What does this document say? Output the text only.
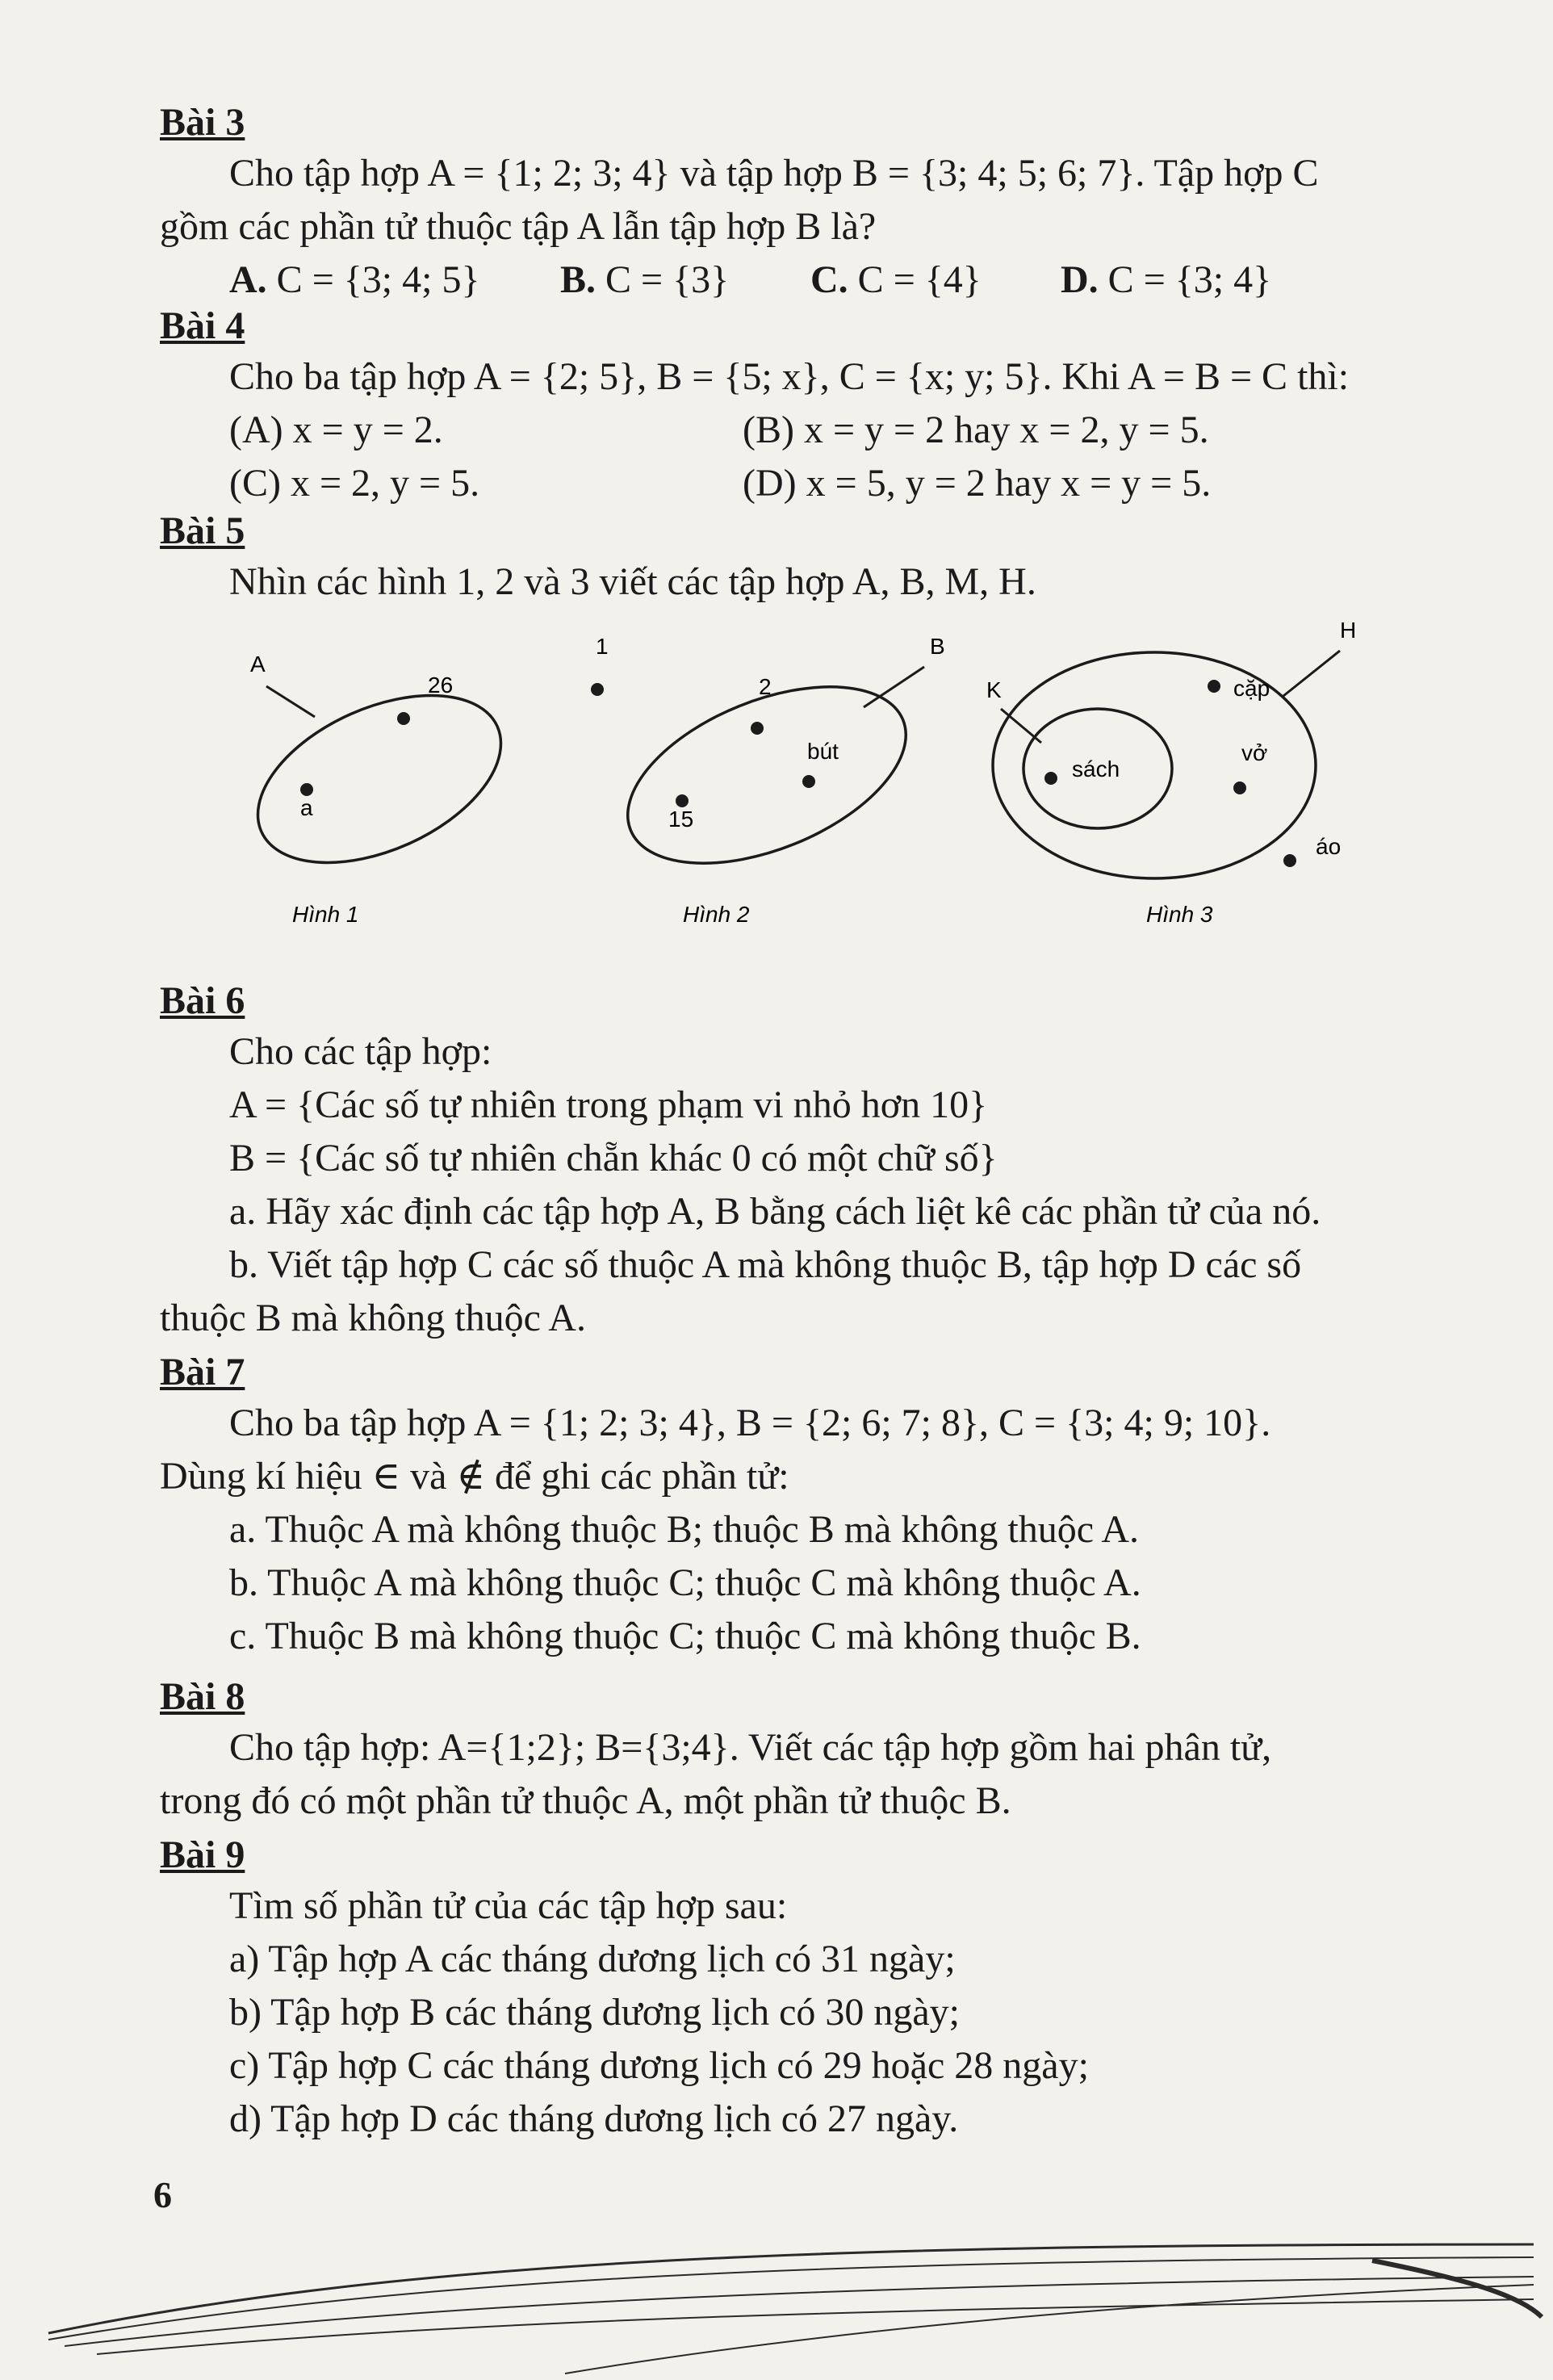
Bài 3

Cho tập hợp A = {1; 2; 3; 4} và tập hợp B = {3; 4; 5; 6; 7}. Tập hợp C

gồm các phần tử thuộc tập A lẫn tập hợp B là?

A. C = {3; 4; 5}	B. C = {3}	C. C = {4}	D. C = {3; 4}
Bài 4

Cho ba tập hợp A = {2; 5}, B = {5; x}, C = {x; y; 5}. Khi A = B = C thì:

(A) x = y = 2.	(B) x = y = 2 hay x = 2, y = 5.
(C) x = 2, y = 5.	(D) x = 5, y = 2 hay x = y = 5.
Bài 5

Nhìn các hình 1, 2 và 3 viết các tập hợp A, B, M, H.

A
26
a
Hình 1
1	B
2
bút
15
Hình 2
H
K
sách
cặp
vở
áo
Hình 3
Bài 6

Cho các tập hợp:

A = {Các số tự nhiên trong phạm vi nhỏ hơn 10}

B = {Các số tự nhiên chẵn khác 0 có một chữ số}

a. Hãy xác định các tập hợp A, B bằng cách liệt kê các phần tử của nó.

b. Viết tập hợp C các số thuộc A mà không thuộc B, tập hợp D các số

thuộc B mà không thuộc A.

Bài 7

Cho ba tập hợp A = {1; 2; 3; 4}, B = {2; 6; 7; 8}, C = {3; 4; 9; 10}.

Dùng kí hiệu ∈ và ∉ để ghi các phần tử:

a. Thuộc A mà không thuộc B; thuộc B mà không thuộc A.

b. Thuộc A mà không thuộc C; thuộc C mà không thuộc A.

c. Thuộc B mà không thuộc C; thuộc C mà không thuộc B.

Bài 8

Cho tập hợp: A={1;2}; B={3;4}. Viết các tập hợp gồm hai phân tử,

trong đó có một phần tử thuộc A, một phần tử thuộc B.

Bài 9

Tìm số phần tử của các tập hợp sau:

a) Tập hợp A các tháng dương lịch có 31 ngày;

b) Tập hợp B các tháng dương lịch có 30 ngày;

c) Tập hợp C các tháng dương lịch có 29 hoặc 28 ngày;

d) Tập hợp D các tháng dương lịch có 27 ngày.

6
